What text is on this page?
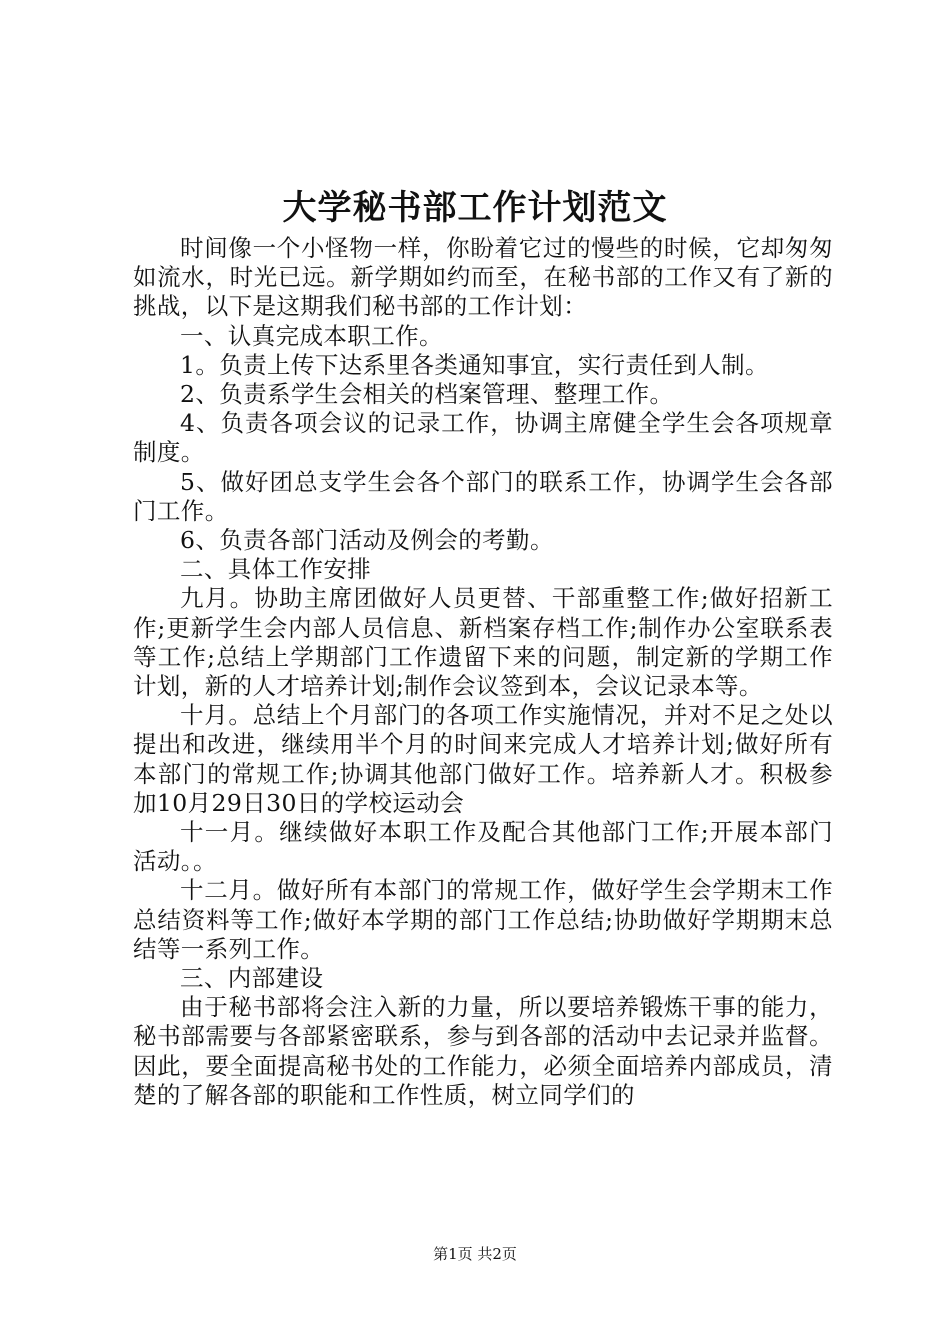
大学秘书部工作计划范文

时间像一个小怪物一样，你盼着它过的慢些的时候，它却匆匆如流水，时光已远。新学期如约而至，在秘书部的工作又有了新的挑战，以下是这期我们秘书部的工作计划：

一、认真完成本职工作。

1。负责上传下达系里各类通知事宜，实行责任到人制。

2、负责系学生会相关的档案管理、整理工作。

4、负责各项会议的记录工作，协调主席健全学生会各项规章制度。

5、做好团总支学生会各个部门的联系工作，协调学生会各部门工作。

6、负责各部门活动及例会的考勤。

二、具体工作安排

九月。协助主席团做好人员更替、干部重整工作;做好招新工作;更新学生会内部人员信息、新档案存档工作;制作办公室联系表等工作;总结上学期部门工作遗留下来的问题，制定新的学期工作计划，新的人才培养计划;制作会议签到本，会议记录本等。

十月。总结上个月部门的各项工作实施情况，并对不足之处以提出和改进，继续用半个月的时间来完成人才培养计划;做好所有本部门的常规工作;协调其他部门做好工作。培养新人才。积极参加10月29日30日的学校运动会

十一月。继续做好本职工作及配合其他部门工作;开展本部门活动。。

十二月。做好所有本部门的常规工作，做好学生会学期末工作总结资料等工作;做好本学期的部门工作总结;协助做好学期期末总结等一系列工作。

三、内部建设

由于秘书部将会注入新的力量，所以要培养锻炼干事的能力，秘书部需要与各部紧密联系，参与到各部的活动中去记录并监督。因此，要全面提高秘书处的工作能力，必须全面培养内部成员，清楚的了解各部的职能和工作性质，树立同学们的

第1页 共2页
